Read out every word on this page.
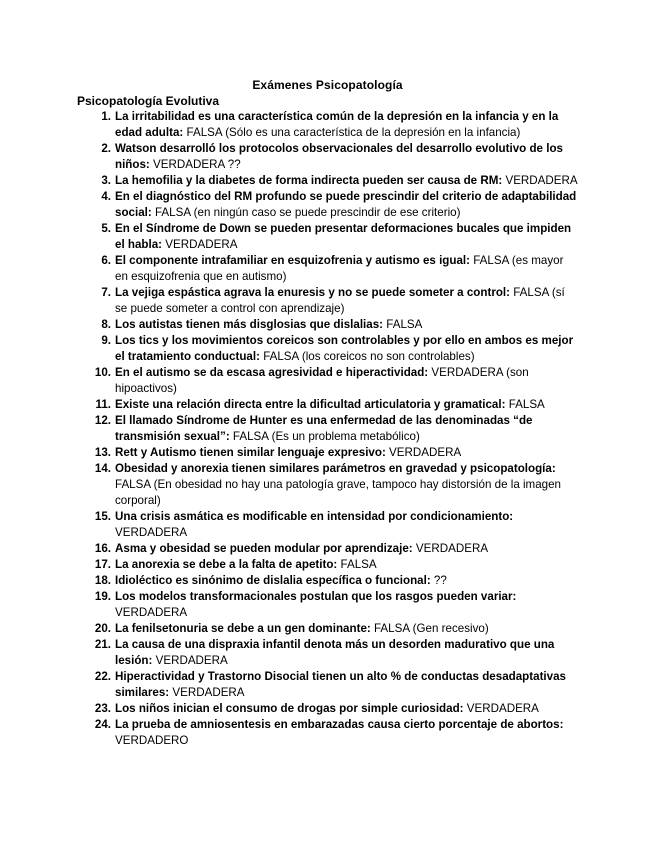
Exámenes Psicopatología
Psicopatología Evolutiva
1. La irritabilidad es una característica común de la depresión en la infancia y en la edad adulta: FALSA (Sólo es una característica de la depresión en la infancia)
2. Watson desarrolló los protocolos observacionales del desarrollo evolutivo de los niños: VERDADERA ??
3. La hemofilia y la diabetes de forma indirecta pueden ser causa de RM: VERDADERA
4. En el diagnóstico del RM profundo se puede prescindir del criterio de adaptabilidad social: FALSA (en ningún caso se puede prescindir de ese criterio)
5. En el Síndrome de Down se pueden presentar deformaciones bucales que impiden el habla: VERDADERA
6. El componente intrafamiliar en esquizofrenia y autismo es igual: FALSA (es mayor en esquizofrenia que en autismo)
7. La vejiga espástica agrava la enuresis y no se puede someter a control: FALSA (sí se puede someter a control con aprendizaje)
8. Los autistas tienen más disglosias que dislalias: FALSA
9. Los tics y los movimientos coreicos son controlables y por ello en ambos es mejor el tratamiento conductual: FALSA (los coreicos no son controlables)
10. En el autismo se da escasa agresividad e hiperactividad: VERDADERA (son hipoactivos)
11. Existe una relación directa entre la dificultad articulatoria y gramatical: FALSA
12. El llamado Síndrome de Hunter es una enfermedad de las denominadas “de transmisión sexual”: FALSA (Es un problema metabólico)
13. Rett y Autismo tienen similar lenguaje expresivo: VERDADERA
14. Obesidad y anorexia tienen similares parámetros en gravedad y psicopatología: FALSA (En obesidad no hay una patología grave, tampoco hay distorsión de la imagen corporal)
15. Una crisis asmática es modificable en intensidad por condicionamiento: VERDADERA
16. Asma y obesidad se pueden modular por aprendizaje: VERDADERA
17. La anorexia se debe a la falta de apetito: FALSA
18. Idioléctico es sinónimo de dislalia específica o funcional: ??
19. Los modelos transformacionales postulan que los rasgos pueden variar: VERDADERA
20. La fenilsetonuria se debe a un gen dominante: FALSA (Gen recesivo)
21. La causa de una dispraxia infantil denota más un desorden madurativo que una lesión: VERDADERA
22. Hiperactividad y Trastorno Disocial tienen un alto % de conductas desadaptativas similares: VERDADERA
23. Los niños inician el consumo de drogas por simple curiosidad: VERDADERA
24. La prueba de amniosentesis en embarazadas causa cierto porcentaje de abortos: VERDADERO
